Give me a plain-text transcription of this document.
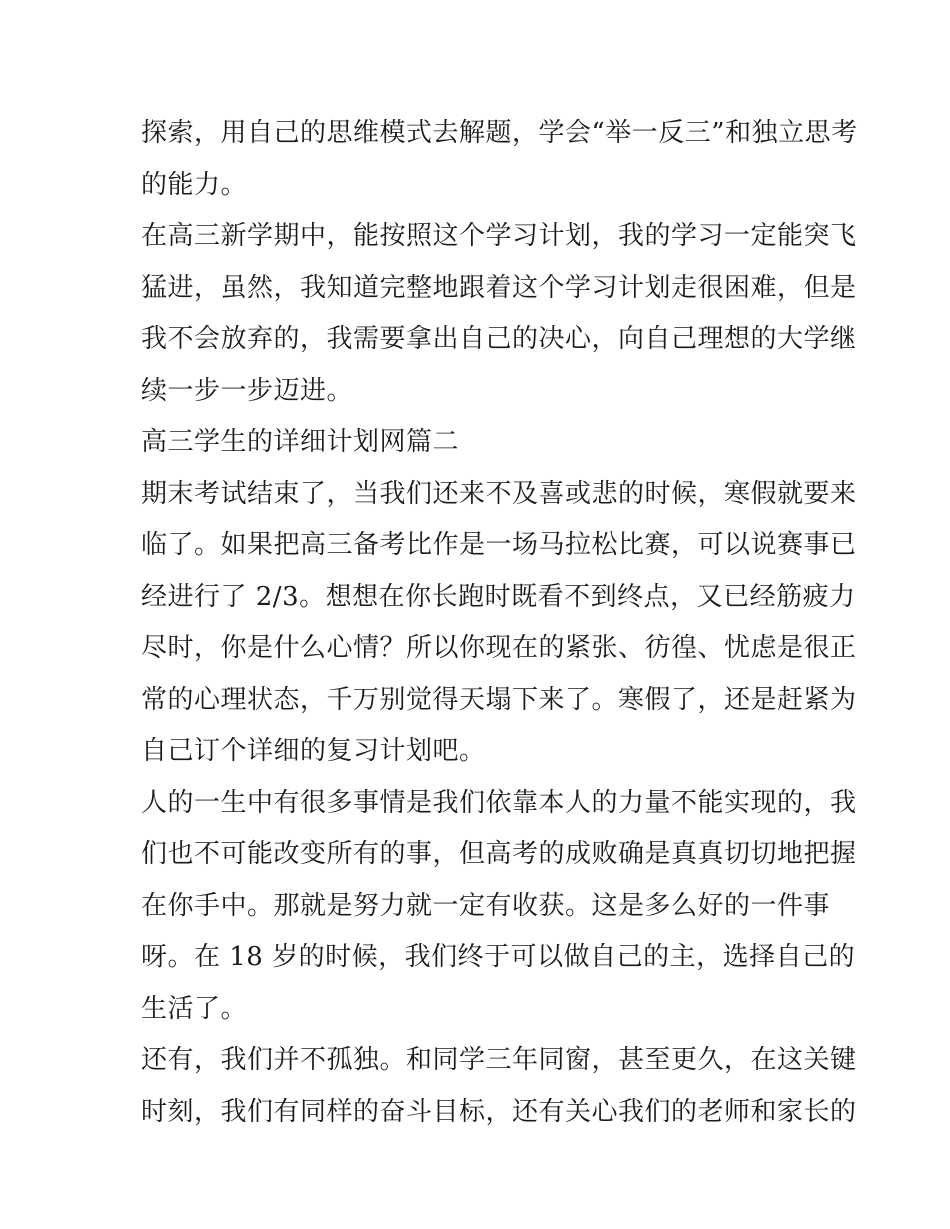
探索，用自己的思维模式去解题，学会“举一反三”和独立思考
的能力。
在高三新学期中，能按照这个学习计划，我的学习一定能突飞
猛进，虽然，我知道完整地跟着这个学习计划走很困难，但是
我不会放弃的，我需要拿出自己的决心，向自己理想的大学继
续一步一步迈进。
高三学生的详细计划网篇二
期末考试结束了，当我们还来不及喜或悲的时候，寒假就要来
临了。如果把高三备考比作是一场马拉松比赛，可以说赛事已
经进行了 2/3。想想在你长跑时既看不到终点，又已经筋疲力
尽时，你是什么心情？所以你现在的紧张、彷徨、忧虑是很正
常的心理状态，千万别觉得天塌下来了。寒假了，还是赶紧为
自己订个详细的复习计划吧。
人的一生中有很多事情是我们依靠本人的力量不能实现的，我
们也不可能改变所有的事，但高考的成败确是真真切切地把握
在你手中。那就是努力就一定有收获。这是多么好的一件事
呀。在 18 岁的时候，我们终于可以做自己的主，选择自己的
生活了。
还有，我们并不孤独。和同学三年同窗，甚至更久，在这关键
时刻，我们有同样的奋斗目标，还有关心我们的老师和家长的
